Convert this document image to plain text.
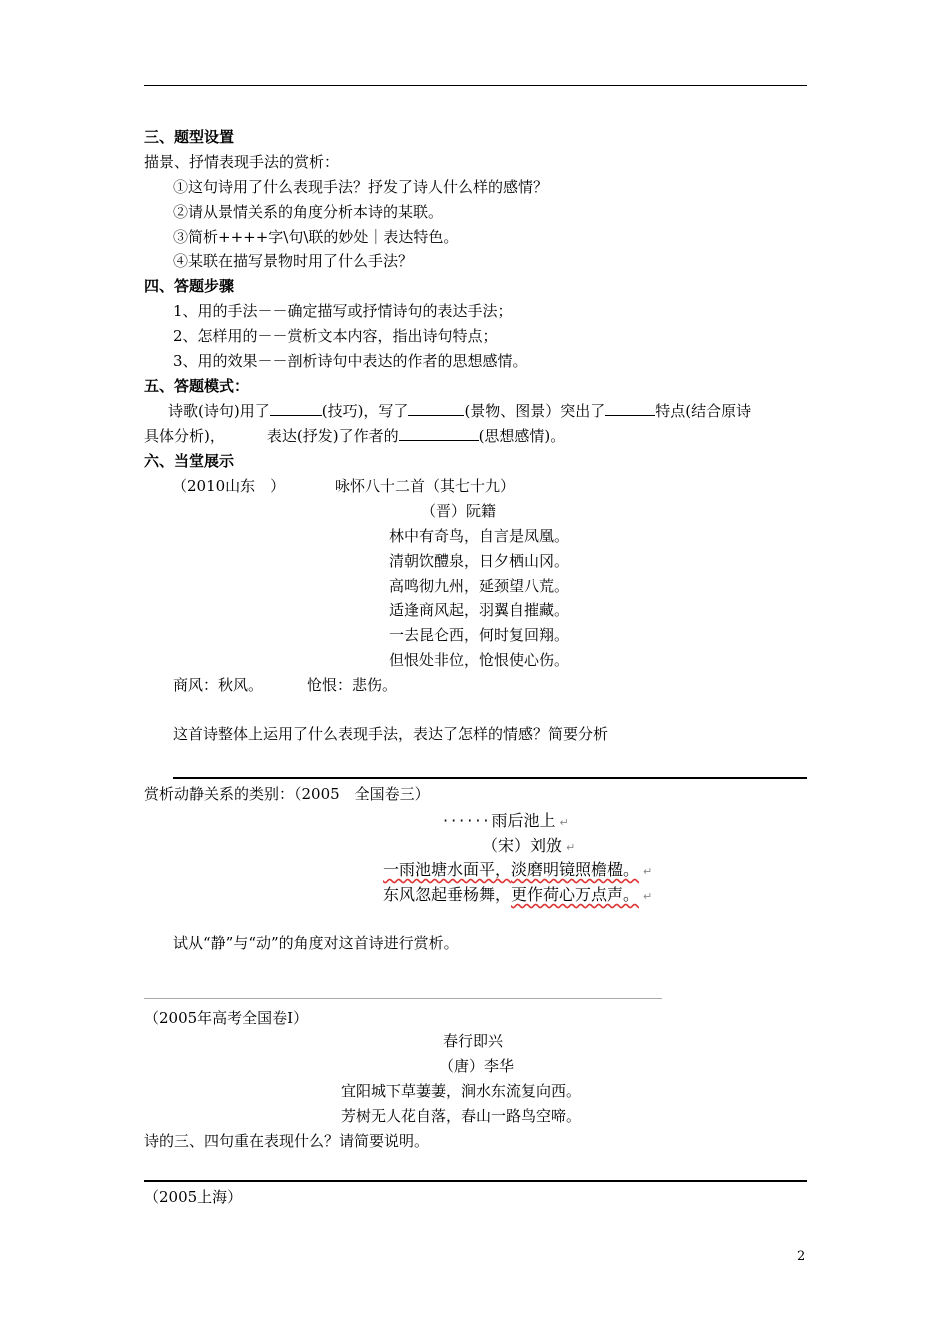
三、题型设置
描景、抒情表现手法的赏析：
①这句诗用了什么表现手法？抒发了诗人什么样的感情？
②请从景情关系的角度分析本诗的某联。
③简析++++字\句\联的妙处｜表达特色。
④某联在描写景物时用了什么手法？
四、答题步骤
1、用的手法－－确定描写或抒情诗句的表达手法；
2、怎样用的－－赏析文本内容，指出诗句特点；
3、用的效果－－剖析诗句中表达的作者的思想感情。
五、答题模式：
诗歌(诗句)用了	(技巧)，写了	(景物、图景）突出了	特点(结合原诗
具体分析)，	表达(抒发)了作者的	(思想感情)。
六、当堂展示
（2010山东　）	咏怀八十二首（其七十九）
（晋）阮籍
林中有奇鸟，自言是凤凰。
清朝饮醴泉，日夕栖山冈。
高鸣彻九州，延颈望八荒。
适逢商风起，羽翼自摧藏。
一去昆仑西，何时复回翔。
但恨处非位，怆恨使心伤。
商风：秋风。	怆恨：悲伤。
这首诗整体上运用了什么表现手法，表达了怎样的情感？简要分析
赏析动静关系的类别：（2005　全国卷三）
······雨后池上 ↵
（宋）刘攽 ↵
一雨池塘水面平，淡磨明镜照檐楹。 ↵
东风忽起垂杨舞，更作荷心万点声。 ↵
试从“静”与“动”的角度对这首诗进行赏析。
（2005年高考全国卷Ⅰ）
春行即兴
（唐）李华
宜阳城下草萋萋，涧水东流复向西。
芳树无人花自落，春山一路鸟空啼。
诗的三、四句重在表现什么？请简要说明。
（2005上海）
2
